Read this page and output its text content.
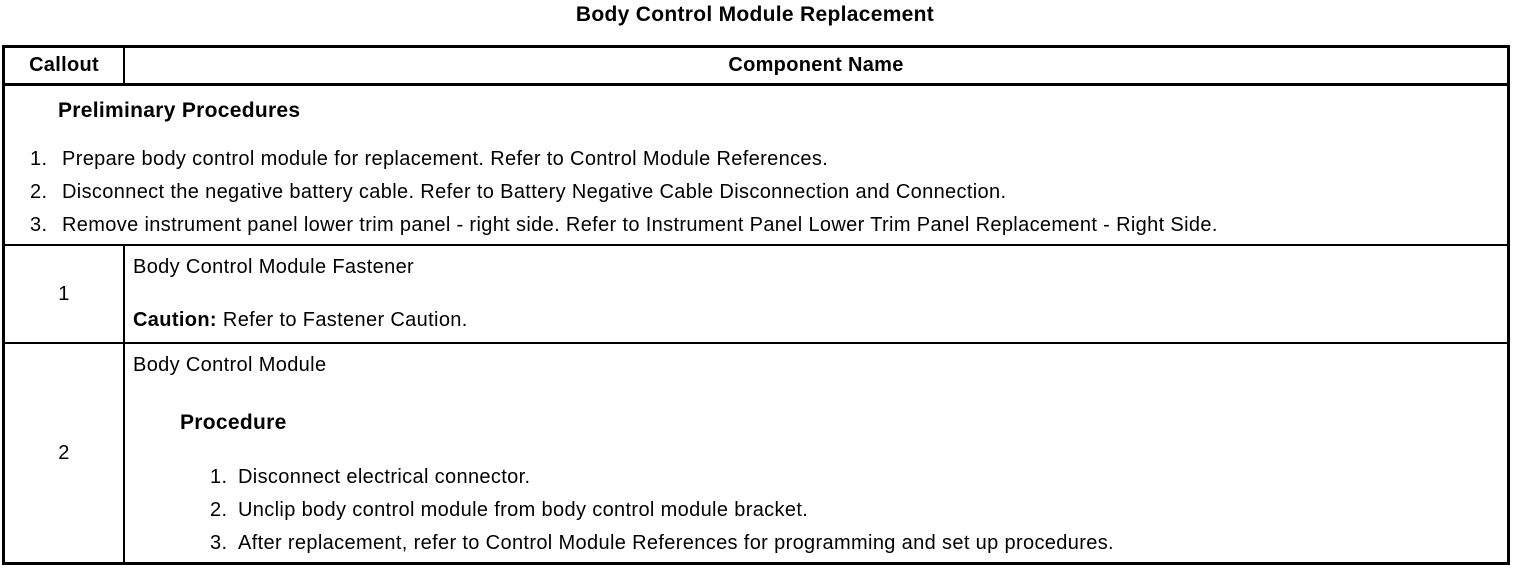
Body Control Module Replacement
Callout	Component Name
Preliminary Procedures
1. Prepare body control module for replacement. Refer to Control Module References.
2. Disconnect the negative battery cable. Refer to Battery Negative Cable Disconnection and Connection.
3. Remove instrument panel lower trim panel - right side. Refer to Instrument Panel Lower Trim Panel Replacement - Right Side.
1
Body Control Module Fastener
Caution: Refer to Fastener Caution.
2
Body Control Module
Procedure
1. Disconnect electrical connector.
2. Unclip body control module from body control module bracket.
3. After replacement, refer to Control Module References for programming and set up procedures.
